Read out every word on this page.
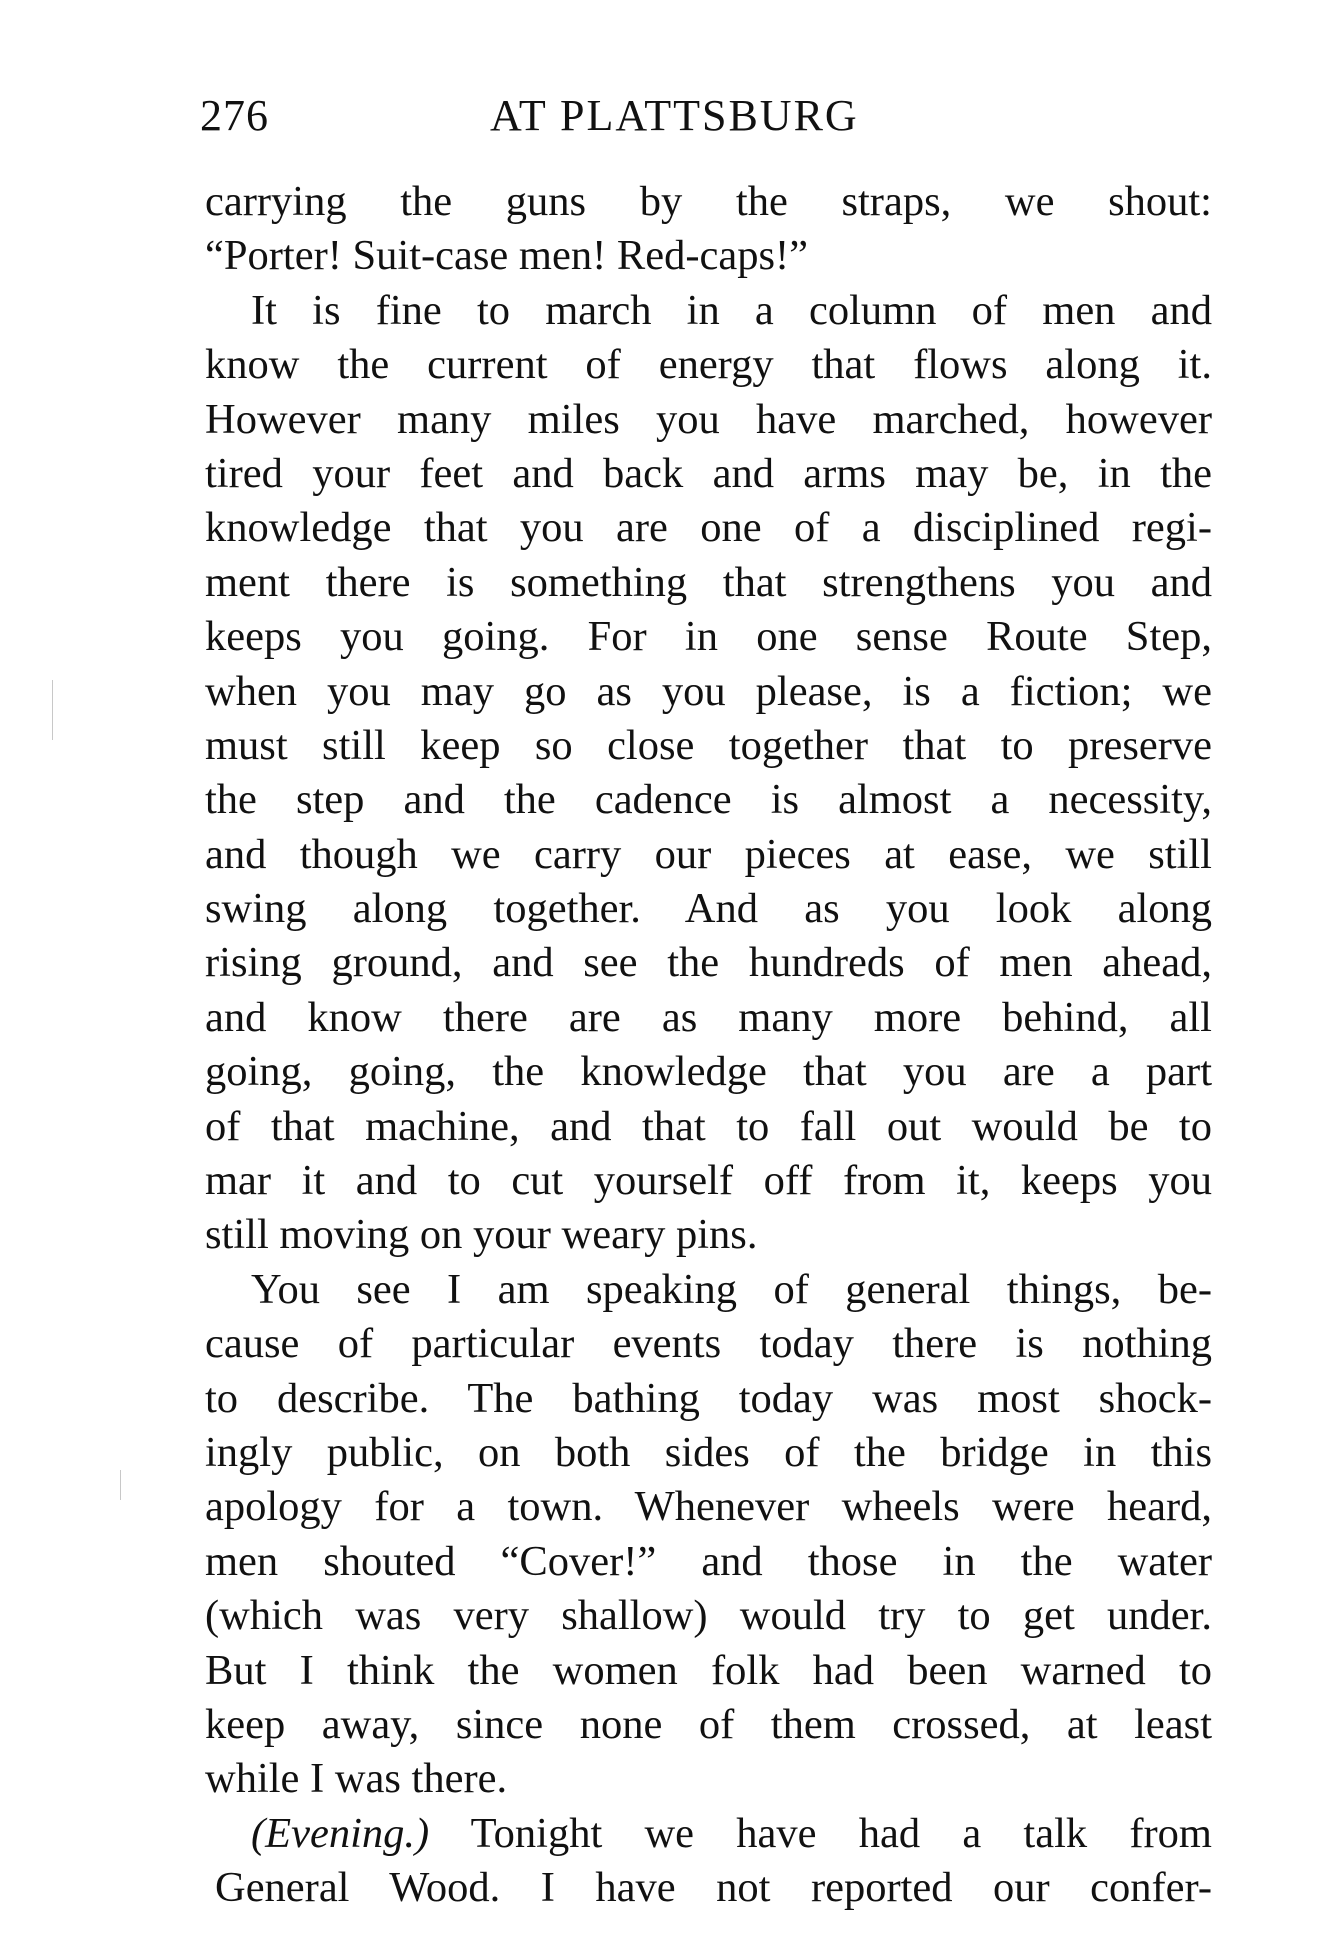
276	AT PLATTSBURG
carrying the guns by the straps, we shout:
“Porter! Suit-case men! Red-caps!”
It is fine to march in a column of men and
know the current of energy that flows along it.
However many miles you have marched, however
tired your feet and back and arms may be, in the
knowledge that you are one of a disciplined regi-
ment there is something that strengthens you and
keeps you going. For in one sense Route Step,
when you may go as you please, is a fiction; we
must still keep so close together that to preserve
the step and the cadence is almost a necessity,
and though we carry our pieces at ease, we still
swing along together. And as you look along
rising ground, and see the hundreds of men ahead,
and know there are as many more behind, all
going, going, the knowledge that you are a part
of that machine, and that to fall out would be to
mar it and to cut yourself off from it, keeps you
still moving on your weary pins.
You see I am speaking of general things, be-
cause of particular events today there is nothing
to describe. The bathing today was most shock-
ingly public, on both sides of the bridge in this
apology for a town. Whenever wheels were heard,
men shouted “Cover!” and those in the water
(which was very shallow) would try to get under.
But I think the women folk had been warned to
keep away, since none of them crossed, at least
while I was there.
(Evening.) Tonight we have had a talk from
General Wood. I have not reported our confer-
